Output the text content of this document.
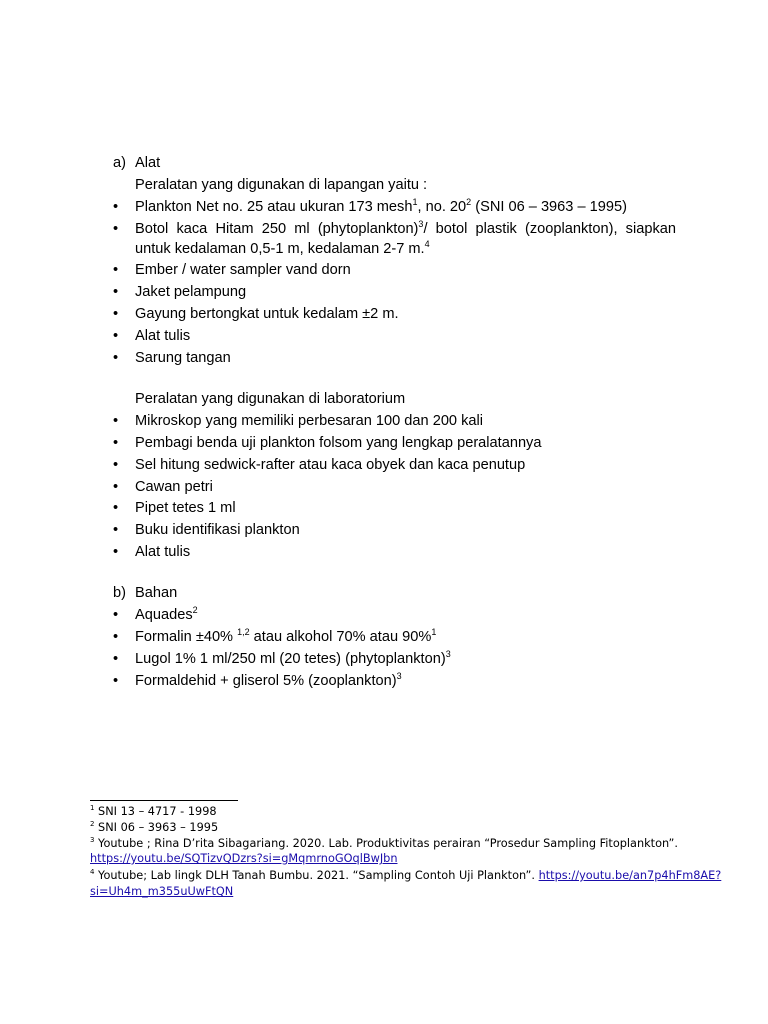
a) Alat
Peralatan yang digunakan di lapangan yaitu :
• Plankton Net no. 25 atau ukuran 173 mesh$^1$, no. $20^2$ (SNI 06 – 3963 – 1995)
• Botol kaca Hitam 250 ml (phytoplankton)$^3$/ botol plastik (zooplankton), siapkan
untuk kedalaman 0,5-1 m, kedalaman 2-7 m.$^4$
• Ember / water sampler vand dorn
• Jaket pelampung
• Gayung bertongkat untuk kedalam ±2 m.
• Alat tulis
• Sarung tangan
Peralatan yang digunakan di laboratorium
• Mikroskop yang memiliki perbesaran 100 dan 200 kali
• Pembagi benda uji plankton folsom yang lengkap peralatannya
• Sel hitung sedwick-rafter atau kaca obyek dan kaca penutup
• Cawan petri
• Pipet tetes 1 ml
• Buku identifikasi plankton
• Alat tulis
b) Bahan
• Aquades$^2$
• Formalin ±40% $^{1,2}$ atau alkohol 70% atau 90%$^1$
• Lugol 1% 1 ml/250 ml (20 tetes) (phytoplankton)$^3$
• Formaldehid + gliserol 5% (zooplankton)$^3$
$^1$ SNI 13 – 4717 - 1998
$^2$ SNI 06 – 3963 – 1995
$^3$ Youtube ; Rina D’rita Sibagariang. 2020. Lab. Produktivitas perairan “Prosedur Sampling Fitoplankton”.
https://youtu.be/SQTizvQDzrs?si=gMqmrnoGOqlBwJbn
$^4$ Youtube; Lab lingk DLH Tanah Bumbu. 2021. “Sampling Contoh Uji Plankton”. https://youtu.be/an7p4hFm8AE?
si=Uh4m_m355uUwFtQN
